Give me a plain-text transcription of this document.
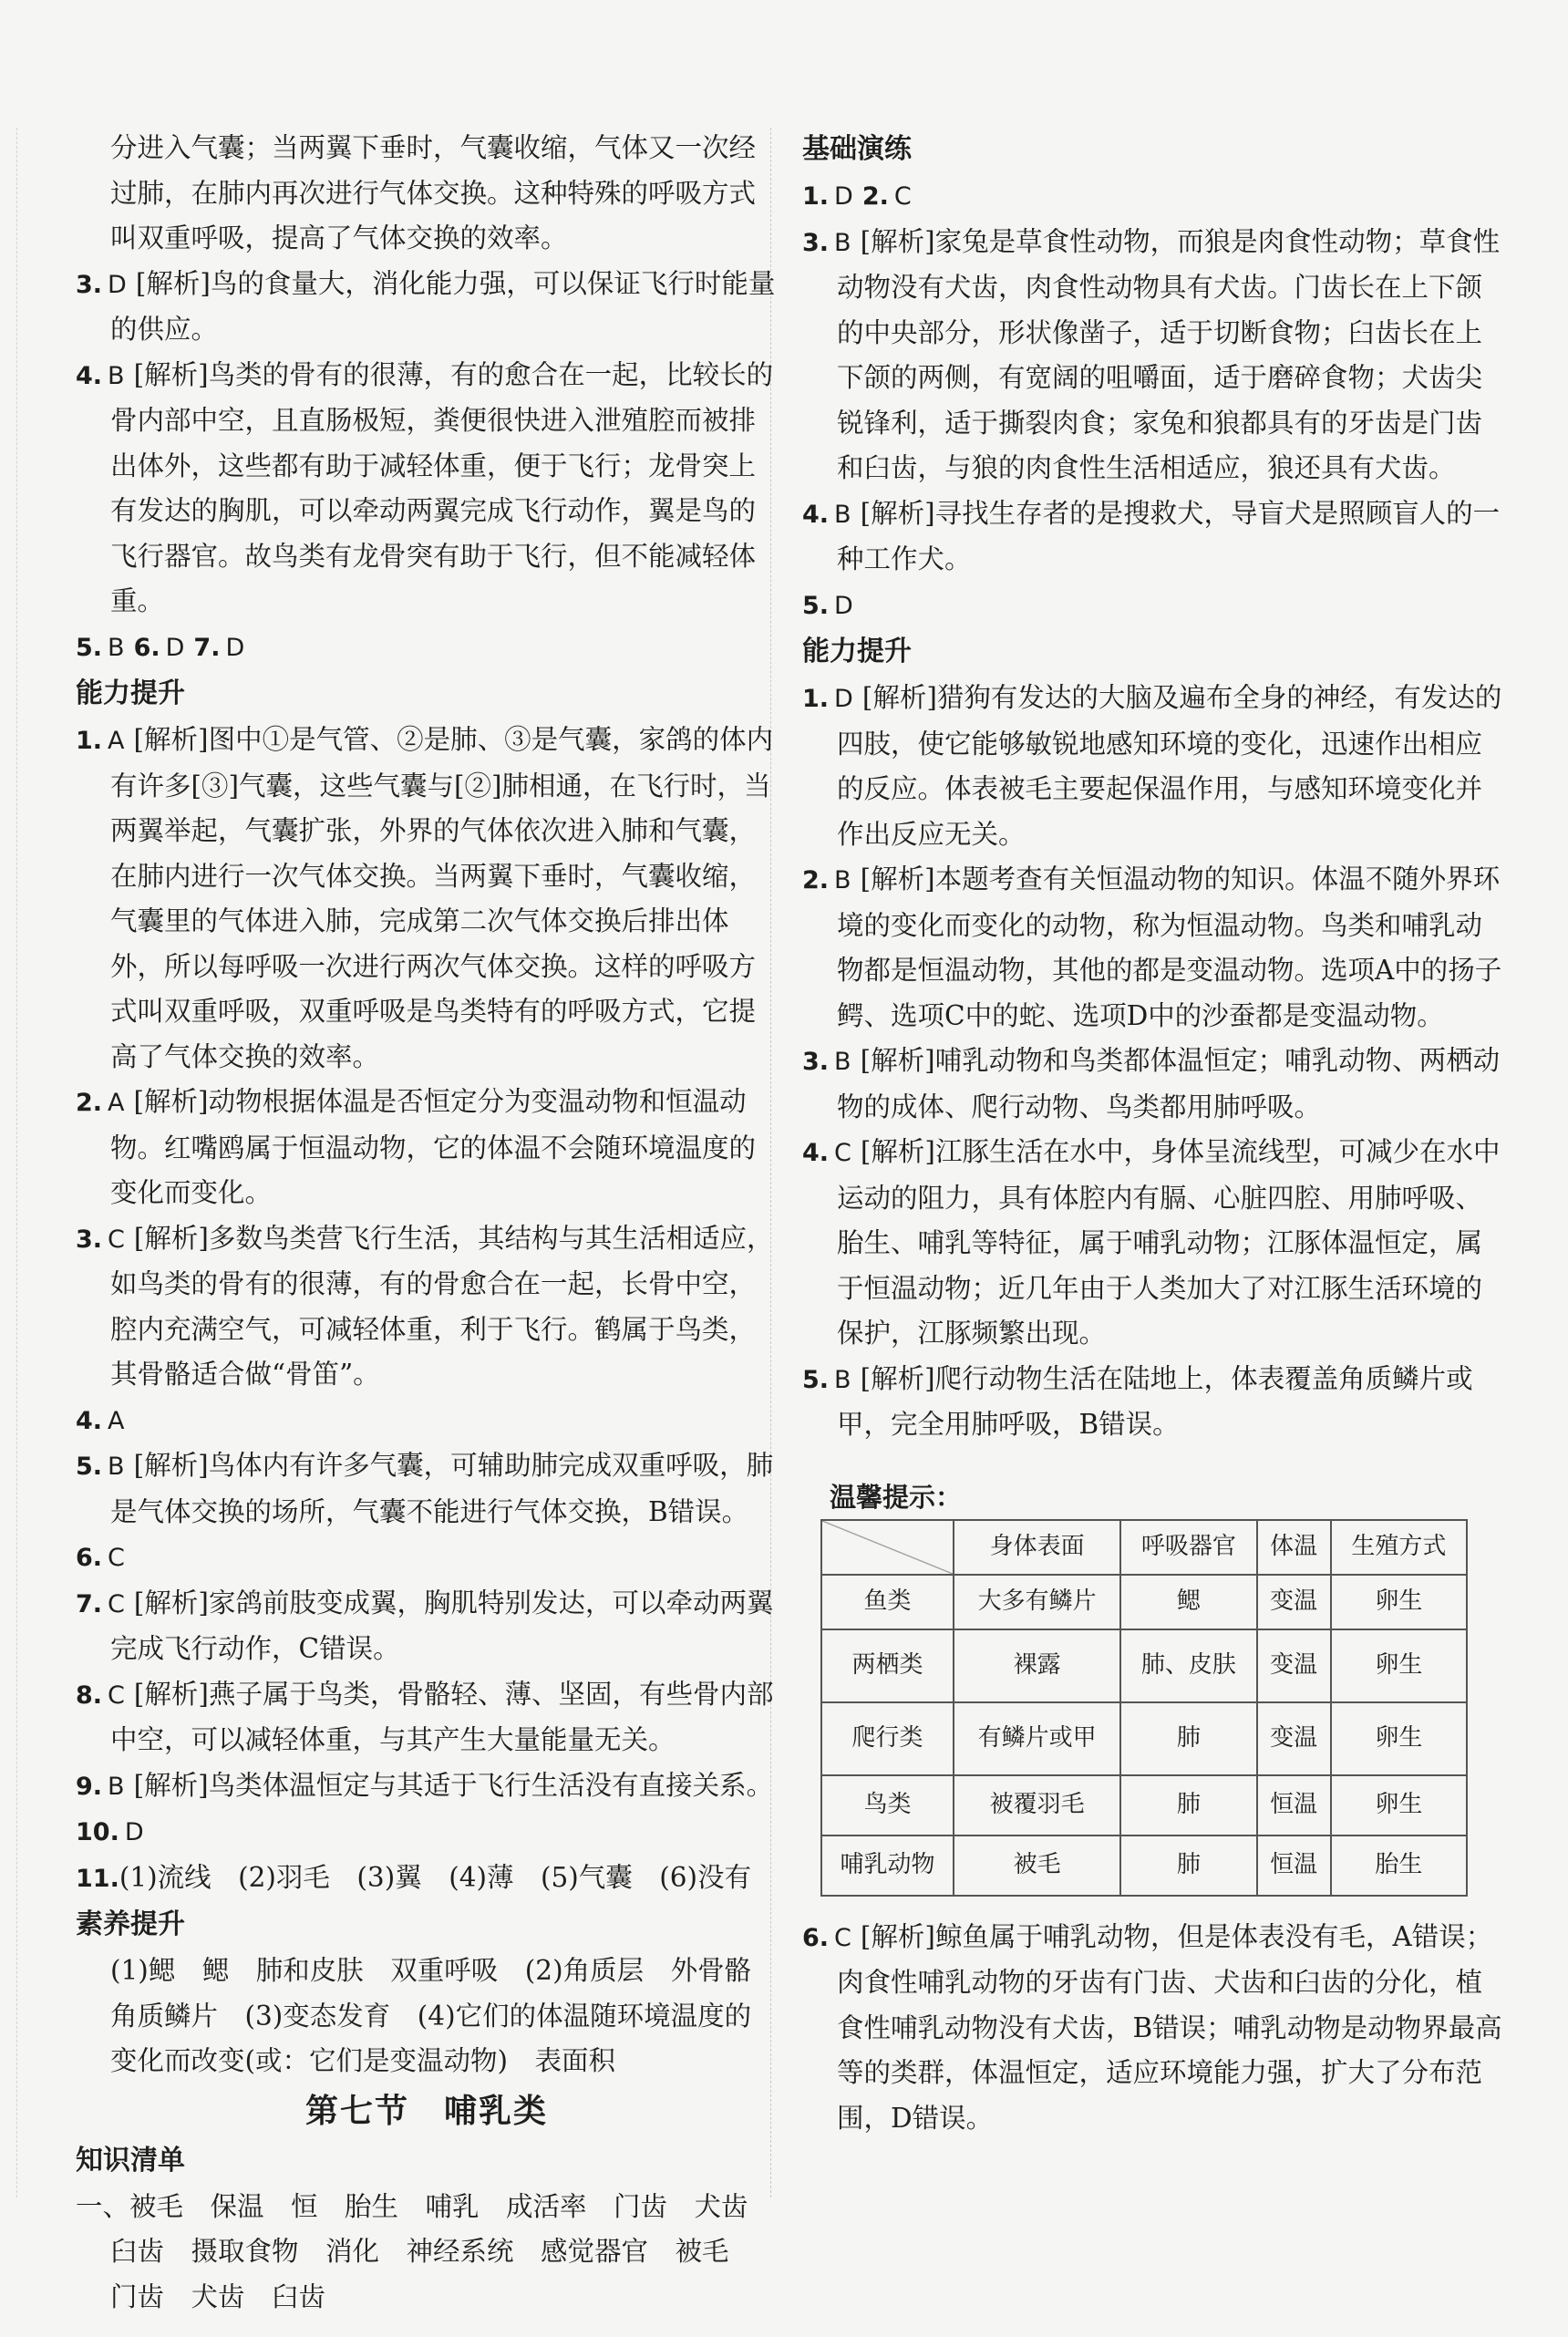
分进入气囊；当两翼下垂时，气囊收缩，气体又一次经过肺，在肺内再次进行气体交换。这种特殊的呼吸方式叫双重呼吸，提高了气体交换的效率。

3. D [解析]鸟的食量大，消化能力强，可以保证飞行时能量的供应。

4. B [解析]鸟类的骨有的很薄，有的愈合在一起，比较长的骨内部中空，且直肠极短，粪便很快进入泄殖腔而被排出体外，这些都有助于减轻体重，便于飞行；龙骨突上有发达的胸肌，可以牵动两翼完成飞行动作，翼是鸟的飞行器官。故鸟类有龙骨突有助于飞行，但不能减轻体重。

5. B 6. D 7. D

能力提升

1. A [解析]图中①是气管、②是肺、③是气囊，家鸽的体内有许多[③]气囊，这些气囊与[②]肺相通，在飞行时，当两翼举起，气囊扩张，外界的气体依次进入肺和气囊，在肺内进行一次气体交换。当两翼下垂时，气囊收缩，气囊里的气体进入肺，完成第二次气体交换后排出体外，所以每呼吸一次进行两次气体交换。这样的呼吸方式叫双重呼吸，双重呼吸是鸟类特有的呼吸方式，它提高了气体交换的效率。

2. A [解析]动物根据体温是否恒定分为变温动物和恒温动物。红嘴鸥属于恒温动物，它的体温不会随环境温度的变化而变化。

3. C [解析]多数鸟类营飞行生活，其结构与其生活相适应，如鸟类的骨有的很薄，有的骨愈合在一起，长骨中空，腔内充满空气，可减轻体重，利于飞行。鹤属于鸟类，其骨骼适合做“骨笛”。

4. A

5. B [解析]鸟体内有许多气囊，可辅助肺完成双重呼吸，肺是气体交换的场所，气囊不能进行气体交换，B错误。

6. C

7. C [解析]家鸽前肢变成翼，胸肌特别发达，可以牵动两翼完成飞行动作，C错误。

8. C [解析]燕子属于鸟类，骨骼轻、薄、坚固，有些骨内部中空，可以减轻体重，与其产生大量能量无关。

9. B [解析]鸟类体温恒定与其适于飞行生活没有直接关系。

10. D

11.(1)流线　(2)羽毛　(3)翼　(4)薄　(5)气囊　(6)没有

素养提升

(1)鳃　鳃　肺和皮肤　双重呼吸　(2)角质层　外骨骼　角质鳞片　(3)变态发育　(4)它们的体温随环境温度的变化而改变(或：它们是变温动物)　表面积

第七节　哺乳类

知识清单

一、被毛　保温　恒　胎生　哺乳　成活率　门齿　犬齿

臼齿　摄取食物　消化　神经系统　感觉器官　被毛

门齿　犬齿　臼齿

基础演练

1. D 2. C

3. B [解析]家兔是草食性动物，而狼是肉食性动物；草食性动物没有犬齿，肉食性动物具有犬齿。门齿长在上下颌的中央部分，形状像凿子，适于切断食物；臼齿长在上下颌的两侧，有宽阔的咀嚼面，适于磨碎食物；犬齿尖锐锋利，适于撕裂肉食；家兔和狼都具有的牙齿是门齿和臼齿，与狼的肉食性生活相适应，狼还具有犬齿。

4. B [解析]寻找生存者的是搜救犬，导盲犬是照顾盲人的一种工作犬。

5. D

能力提升

1. D [解析]猎狗有发达的大脑及遍布全身的神经，有发达的四肢，使它能够敏锐地感知环境的变化，迅速作出相应的反应。体表被毛主要起保温作用，与感知环境变化并作出反应无关。

2. B [解析]本题考查有关恒温动物的知识。体温不随外界环境的变化而变化的动物，称为恒温动物。鸟类和哺乳动物都是恒温动物，其他的都是变温动物。选项A中的扬子鳄、选项C中的蛇、选项D中的沙蚕都是变温动物。

3. B [解析]哺乳动物和鸟类都体温恒定；哺乳动物、两栖动物的成体、爬行动物、鸟类都用肺呼吸。

4. C [解析]江豚生活在水中，身体呈流线型，可减少在水中运动的阻力，具有体腔内有膈、心脏四腔、用肺呼吸、胎生、哺乳等特征，属于哺乳动物；江豚体温恒定，属于恒温动物；近几年由于人类加大了对江豚生活环境的保护，江豚频繁出现。

5. B [解析]爬行动物生活在陆地上，体表覆盖角质鳞片或甲，完全用肺呼吸，B错误。

温馨提示：

	身体表面	呼吸器官	体温	生殖方式
鱼类	大多有鳞片	鳃	变温	卵生
两栖类	裸露	肺、皮肤	变温	卵生
爬行类	有鳞片或甲	肺	变温	卵生
鸟类	被覆羽毛	肺	恒温	卵生
哺乳动物	被毛	肺	恒温	胎生

6. C [解析]鲸鱼属于哺乳动物，但是体表没有毛，A错误；肉食性哺乳动物的牙齿有门齿、犬齿和臼齿的分化，植食性哺乳动物没有犬齿，B错误；哺乳动物是动物界最高等的类群，体温恒定，适应环境能力强，扩大了分布范围，D错误。
